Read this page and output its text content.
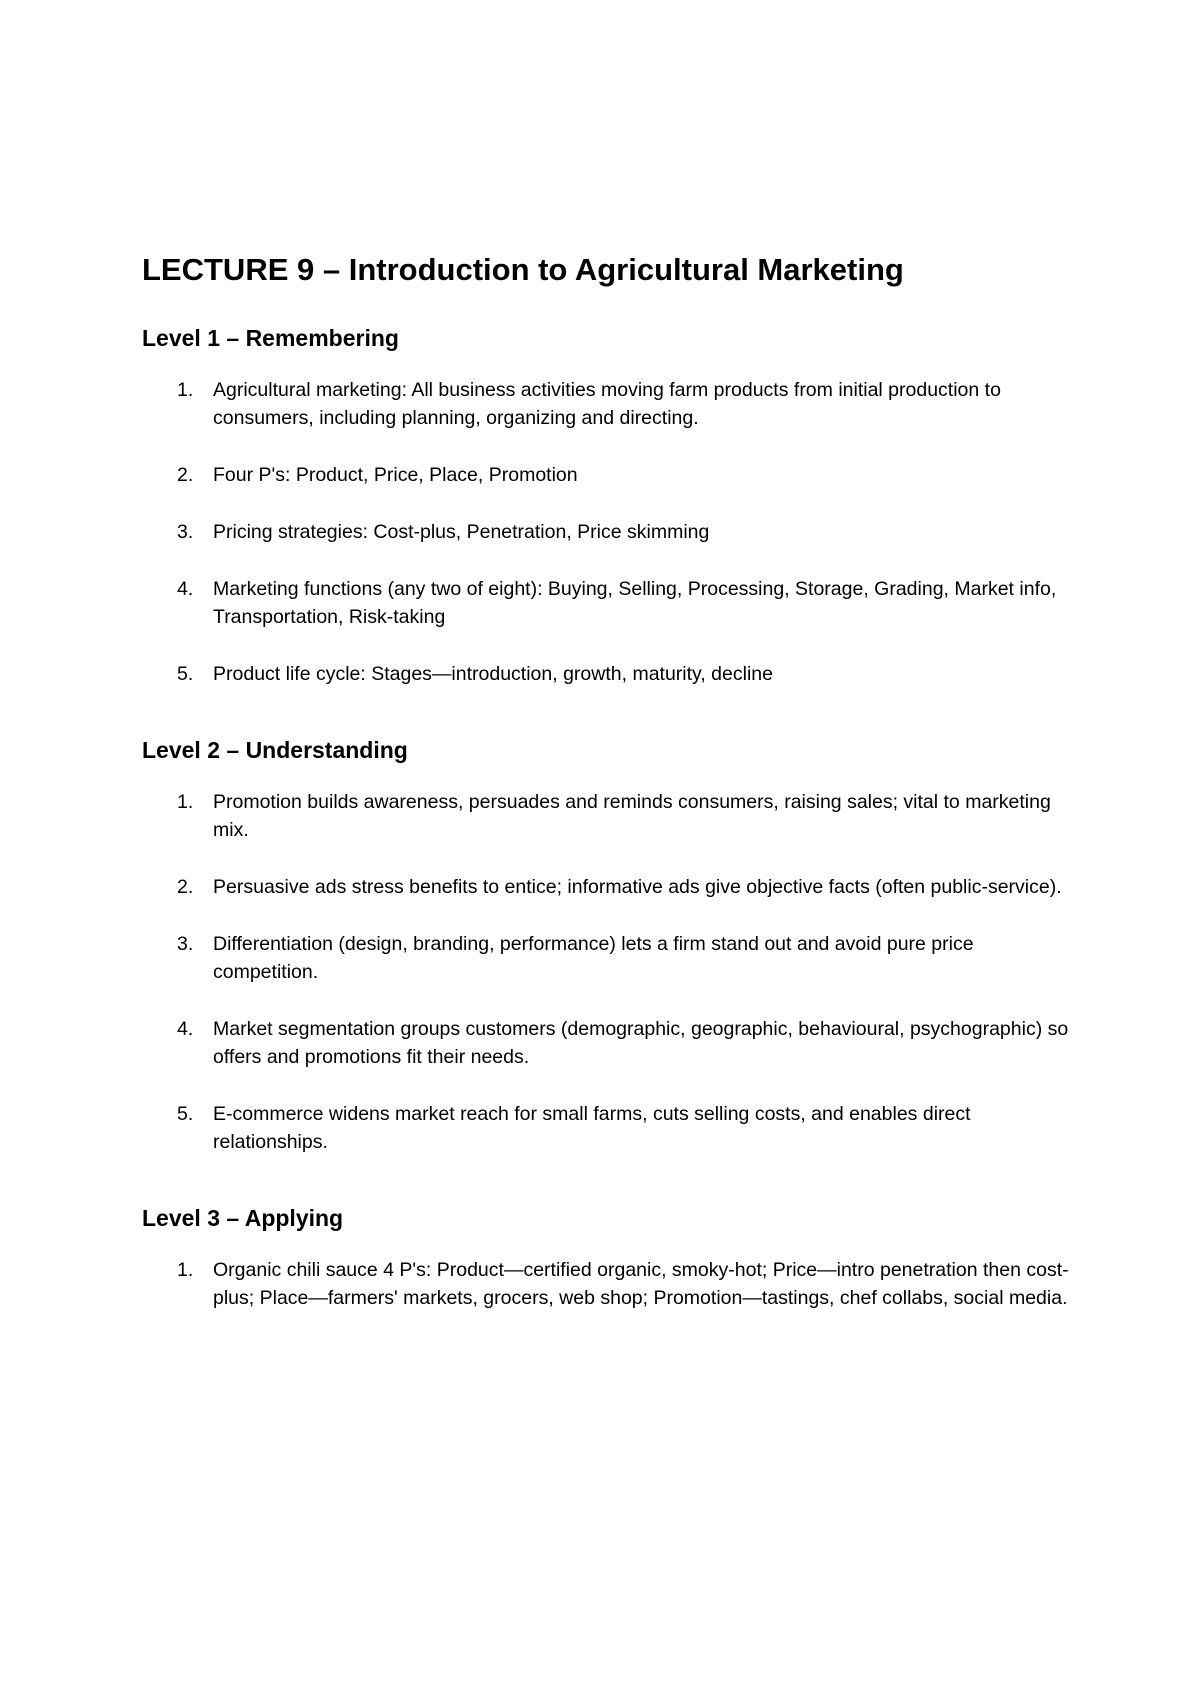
LECTURE 9 – Introduction to Agricultural Marketing
Level 1 – Remembering
1.	Agricultural marketing: All business activities moving farm products from initial production to consumers, including planning, organizing and directing.
2.	Four P's: Product, Price, Place, Promotion
3.	Pricing strategies: Cost-plus, Penetration, Price skimming
4.	Marketing functions (any two of eight): Buying, Selling, Processing, Storage, Grading, Market info, Transportation, Risk-taking
5.	Product life cycle: Stages—introduction, growth, maturity, decline
Level 2 – Understanding
1.	Promotion builds awareness, persuades and reminds consumers, raising sales; vital to marketing mix.
2.	Persuasive ads stress benefits to entice; informative ads give objective facts (often public-service).
3.	Differentiation (design, branding, performance) lets a firm stand out and avoid pure price competition.
4.	Market segmentation groups customers (demographic, geographic, behavioural, psychographic) so offers and promotions fit their needs.
5.	E-commerce widens market reach for small farms, cuts selling costs, and enables direct relationships.
Level 3 – Applying
1.	Organic chili sauce 4 P's: Product—certified organic, smoky-hot; Price—intro penetration then cost-plus; Place—farmers' markets, grocers, web shop; Promotion—tastings, chef collabs, social media.
